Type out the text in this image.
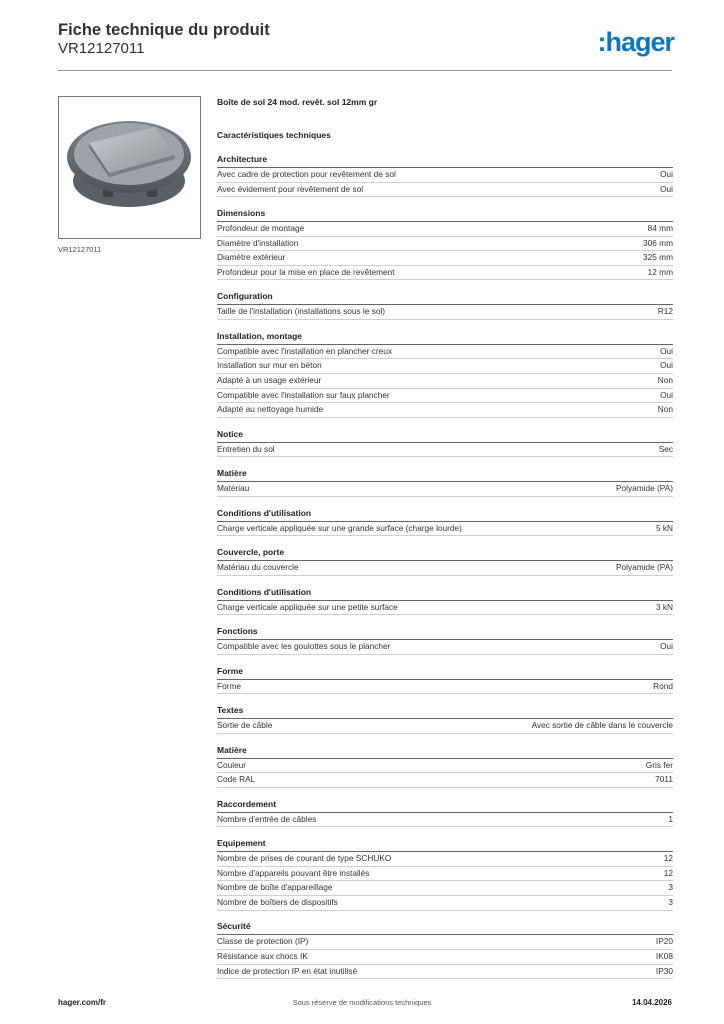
Fiche technique du produit
VR12127011	:hager
VR12127011
Boîte de sol 24 mod. revêt. sol 12mm gr
Caractéristiques techniques
Architecture
Avec cadre de protection pour revêtement de sol	Oui
Avec évidement pour revêtement de sol	Oui
Dimensions
Profondeur de montage	84 mm
Diamètre d'installation	306 mm
Diamètre extérieur	325 mm
Profondeur pour la mise en place de revêtement	12 mm
Configuration
Taille de l'installation (installations sous le sol)	R12
Installation, montage
Compatible avec l'installation en plancher creux	Oui
Installation sur mur en béton	Oui
Adapté à un usage extérieur	Non
Compatible avec l'installation sur faux plancher	Oui
Adapté au nettoyage humide	Non
Notice
Entretien du sol	Sec
Matière
Matériau	Polyamide (PA)
Conditions d'utilisation
Charge verticale appliquée sur une grande surface (charge lourde)	5 kN
Couvercle, porte
Matériau du couvercle	Polyamide (PA)
Conditions d'utilisation
Charge verticale appliquée sur une petite surface	3 kN
Fonctions
Compatible avec les goulottes sous le plancher	Oui
Forme
Forme	Rond
Textes
Sortie de câble	Avec sortie de câble dans le couvercle
Matière
Couleur	Gris fer
Code RAL	7011
Raccordement
Nombre d'entrée de câbles	1
Equipement
Nombre de prises de courant de type SCHUKO	12
Nombre d'appareils pouvant être installés	12
Nombre de boîte d'appareillage	3
Nombre de boîtiers de dispositifs	3
Sécurité
Classe de protection (IP)	IP20
Résistance aux chocs IK	IK08
Indice de protection IP en état inutilisé	IP30
hager.com/fr	Sous réserve de modifications techniques	14.04.2026
